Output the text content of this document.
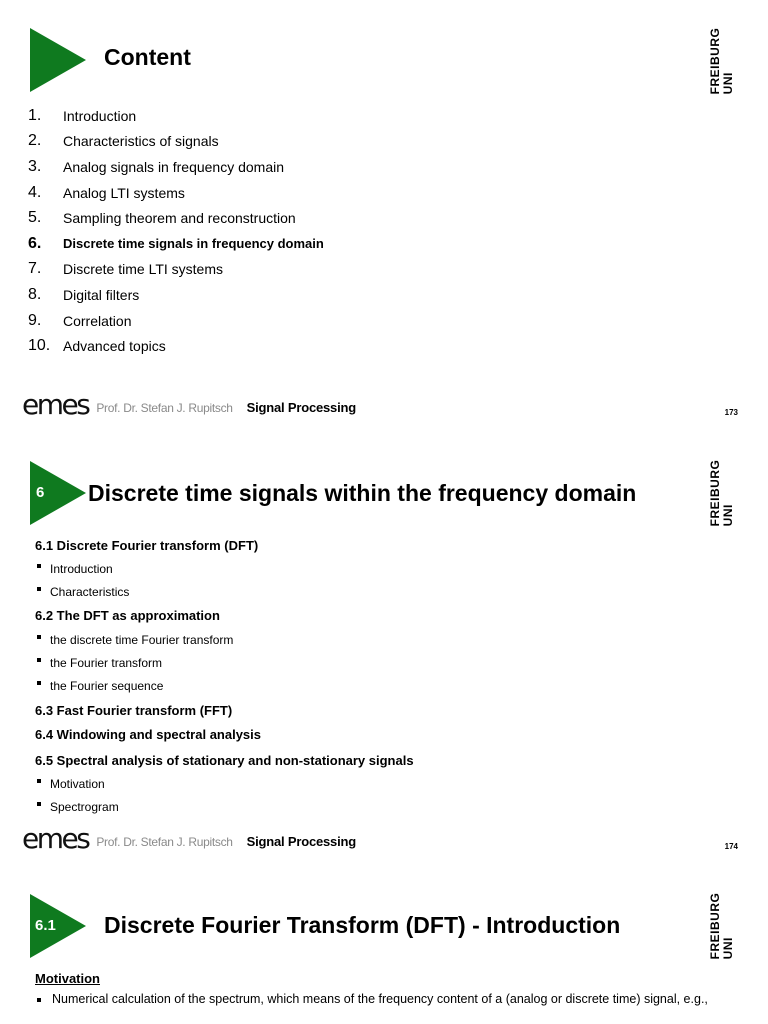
Content	FREIBURG UNI
1.	Introduction
2.	Characteristics of signals
3.	Analog signals in frequency domain
4.	Analog LTI systems
5.	Sampling theorem and reconstruction
6.	Discrete time signals in frequency domain
7.	Discrete time LTI systems
8.	Digital filters
9.	Correlation
10. Advanced topics
emes Prof. Dr. Stefan J. Rupitsch Signal Processing	173
6 Discrete time signals within the frequency domain	FREIBURG UNI
6.1 Discrete Fourier transform (DFT)
Introduction
Characteristics
6.2 The DFT as approximation
the discrete time Fourier transform
the Fourier transform
the Fourier sequence
6.3 Fast Fourier transform (FFT)
6.4 Windowing and spectral analysis
6.5 Spectral analysis of stationary and non-stationary signals
Motivation
Spectrogram
emes Prof. Dr. Stefan J. Rupitsch Signal Processing	174
6.1 Discrete Fourier Transform (DFT) - Introduction	FREIBURG UNI
Motivation
Numerical calculation of the spectrum, which means of the frequency content of a (analog or discrete time) signal, e.g.,
